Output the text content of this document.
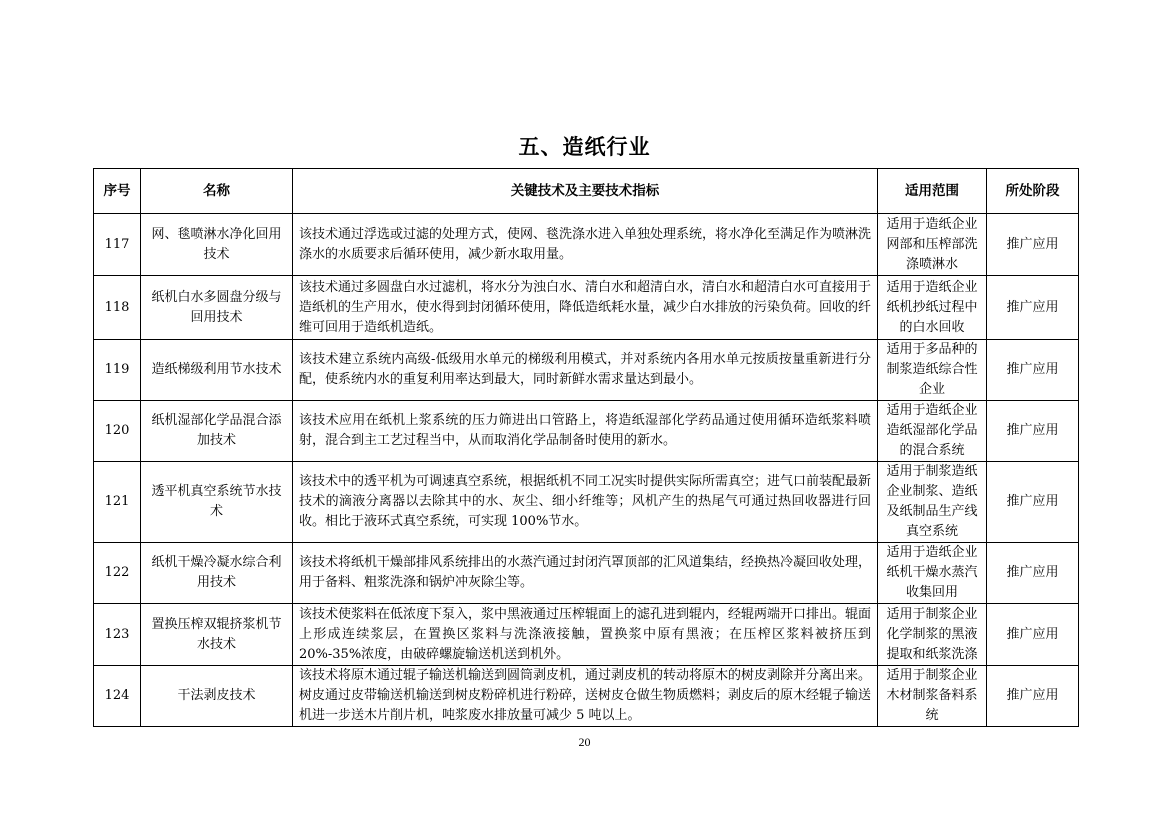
五、造纸行业
序号	名称	关键技术及主要技术指标	适用范围	所处阶段
117	网、毯喷淋水净化回用技术	该技术通过浮选或过滤的处理方式，使网、毯洗涤水进入单独处理系统，将水净化至满足作为喷淋洗涤水的水质要求后循环使用，减少新水取用量。	适用于造纸企业网部和压榨部洗涤喷淋水	推广应用
118	纸机白水多圆盘分级与回用技术	该技术通过多圆盘白水过滤机，将水分为浊白水、清白水和超清白水，清白水和超清白水可直接用于造纸机的生产用水，使水得到封闭循环使用，降低造纸耗水量，减少白水排放的污染负荷。回收的纤维可回用于造纸机造纸。	适用于造纸企业纸机抄纸过程中的白水回收	推广应用
119	造纸梯级利用节水技术	该技术建立系统内高级-低级用水单元的梯级利用模式，并对系统内各用水单元按质按量重新进行分配，使系统内水的重复利用率达到最大，同时新鲜水需求量达到最小。	适用于多品种的制浆造纸综合性企业	推广应用
120	纸机湿部化学品混合添加技术	该技术应用在纸机上浆系统的压力筛进出口管路上，将造纸湿部化学药品通过使用循环造纸浆料喷射，混合到主工艺过程当中，从而取消化学品制备时使用的新水。	适用于造纸企业造纸湿部化学品的混合系统	推广应用
121	透平机真空系统节水技术	该技术中的透平机为可调速真空系统，根据纸机不同工况实时提供实际所需真空；进气口前装配最新技术的滴液分离器以去除其中的水、灰尘、细小纤维等；风机产生的热尾气可通过热回收器进行回收。相比于液环式真空系统，可实现 100%节水。	适用于制浆造纸企业制浆、造纸及纸制品生产线真空系统	推广应用
122	纸机干燥冷凝水综合利用技术	该技术将纸机干燥部排风系统排出的水蒸汽通过封闭汽罩顶部的汇风道集结，经换热冷凝回收处理，用于备料、粗浆洗涤和锅炉冲灰除尘等。	适用于造纸企业纸机干燥水蒸汽收集回用	推广应用
123	置换压榨双辊挤浆机节水技术	该技术使浆料在低浓度下泵入，浆中黑液通过压榨辊面上的滤孔进到辊内，经辊两端开口排出。辊面上形成连续浆层，在置换区浆料与洗涤液接触，置换浆中原有黑液；在压榨区浆料被挤压到 20%-35%浓度，由破碎螺旋输送机送到机外。	适用于制浆企业化学制浆的黑液提取和纸浆洗涤	推广应用
124	干法剥皮技术	该技术将原木通过辊子输送机输送到圆筒剥皮机，通过剥皮机的转动将原木的树皮剥除并分离出来。树皮通过皮带输送机输送到树皮粉碎机进行粉碎，送树皮仓做生物质燃料；剥皮后的原木经辊子输送机进一步送木片削片机，吨浆废水排放量可减少 5 吨以上。	适用于制浆企业木材制浆备料系统	推广应用
20
